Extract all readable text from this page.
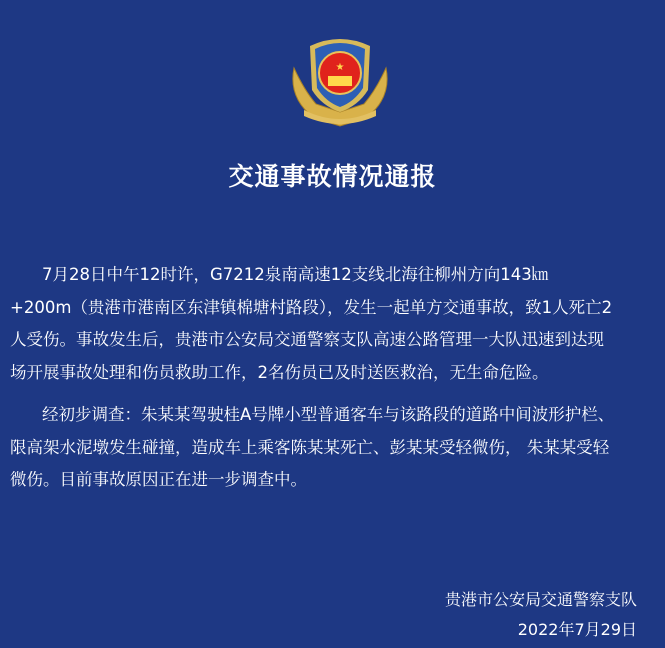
★
交通事故情况通报
7月28日中午12时许，G7212泉南高速12支线北海往柳州方向143㎞
+200m（贵港市港南区东津镇棉塘村路段），发生一起单方交通事故，致1人死亡2
人受伤。事故发生后，贵港市公安局交通警察支队高速公路管理一大队迅速到达现
场开展事故处理和伤员救助工作，2名伤员已及时送医救治，无生命危险。
经初步调查：朱某某驾驶桂A号牌小型普通客车与该路段的道路中间波形护栏、
限高架水泥墩发生碰撞，造成车上乘客陈某某死亡、彭某某受轻微伤， 朱某某受轻
微伤。目前事故原因正在进一步调查中。
贵港市公安局交通警察支队
2022年7月29日
